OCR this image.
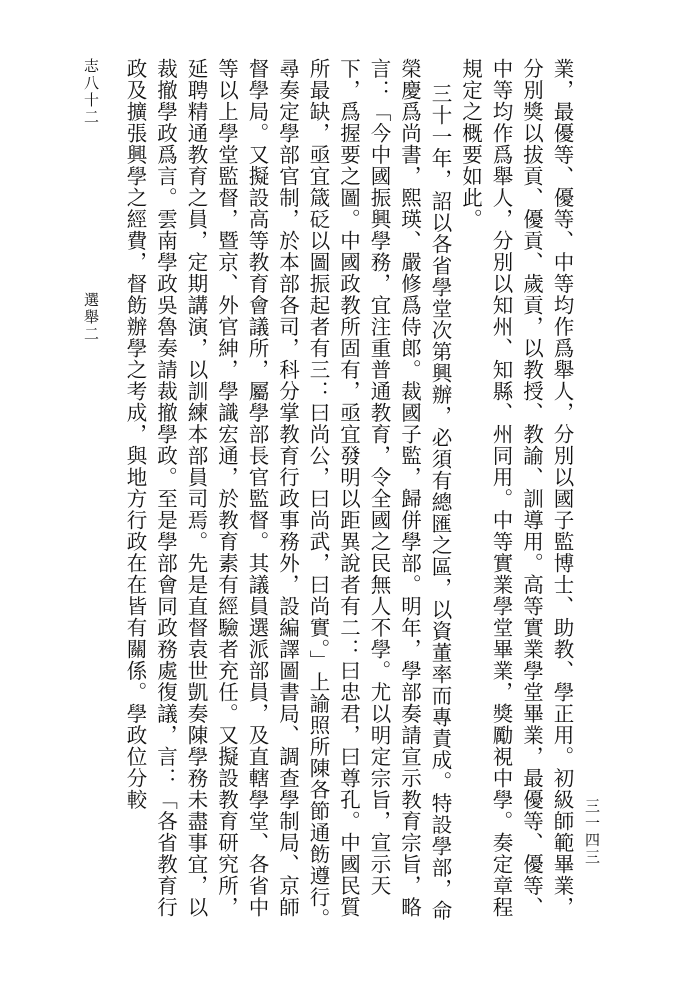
志八十二
選舉二
三一四三

業，最優等、優等、中等均作爲舉人，分別以國子監博士、助教、學正用。初級師範畢業，分別獎以拔貢、優貢、歲貢，以教授、教諭、訓導用。高等實業學堂畢業，最優等、優等、中等均作爲舉人，分別以知州、知縣、州同用。中等實業學堂畢業，獎勵視中學。奏定章程規定之概要如此。

三十一年，詔以各省學堂次第興辦，必須有總匯之區，以資董率而專責成。特設學部，命榮慶爲尚書，熙瑛、嚴修爲侍郎。裁國子監，歸併學部。明年，學部奏請宣示教育宗旨，略言：「今中國振興學務，宜注重普通教育，令全國之民無人不學。尤以明定宗旨，宣示天下，爲握要之圖。中國政教所固有，亟宜發明以距異說者有二：曰忠君，曰尊孔。中國民質所最缺，亟宜箴砭以圖振起者有三：曰尚公，曰尚武，曰尚實。」上諭照所陳各節通飭遵行。尋奏定學部官制，於本部各司，科分掌教育行政事務外，設編譯圖書局、調查學制局、京師督學局。又擬設高等教育會議所，屬學部長官監督。其議員選派部員，及直轄學堂、各省中等以上學堂監督，暨京、外官紳，學識宏通，於教育素有經驗者充任。又擬設教育研究所，延聘精通教育之員，定期講演，以訓練本部員司焉。先是直督袁世凱奏陳學務未盡事宜，以裁撤學政爲言。雲南學政吳魯奏請裁撤學政。至是學部會同政務處復議，言：「各省教育行政及擴張興學之經費，督飭辦學之考成，與地方行政在在皆有關係。學政位分較
